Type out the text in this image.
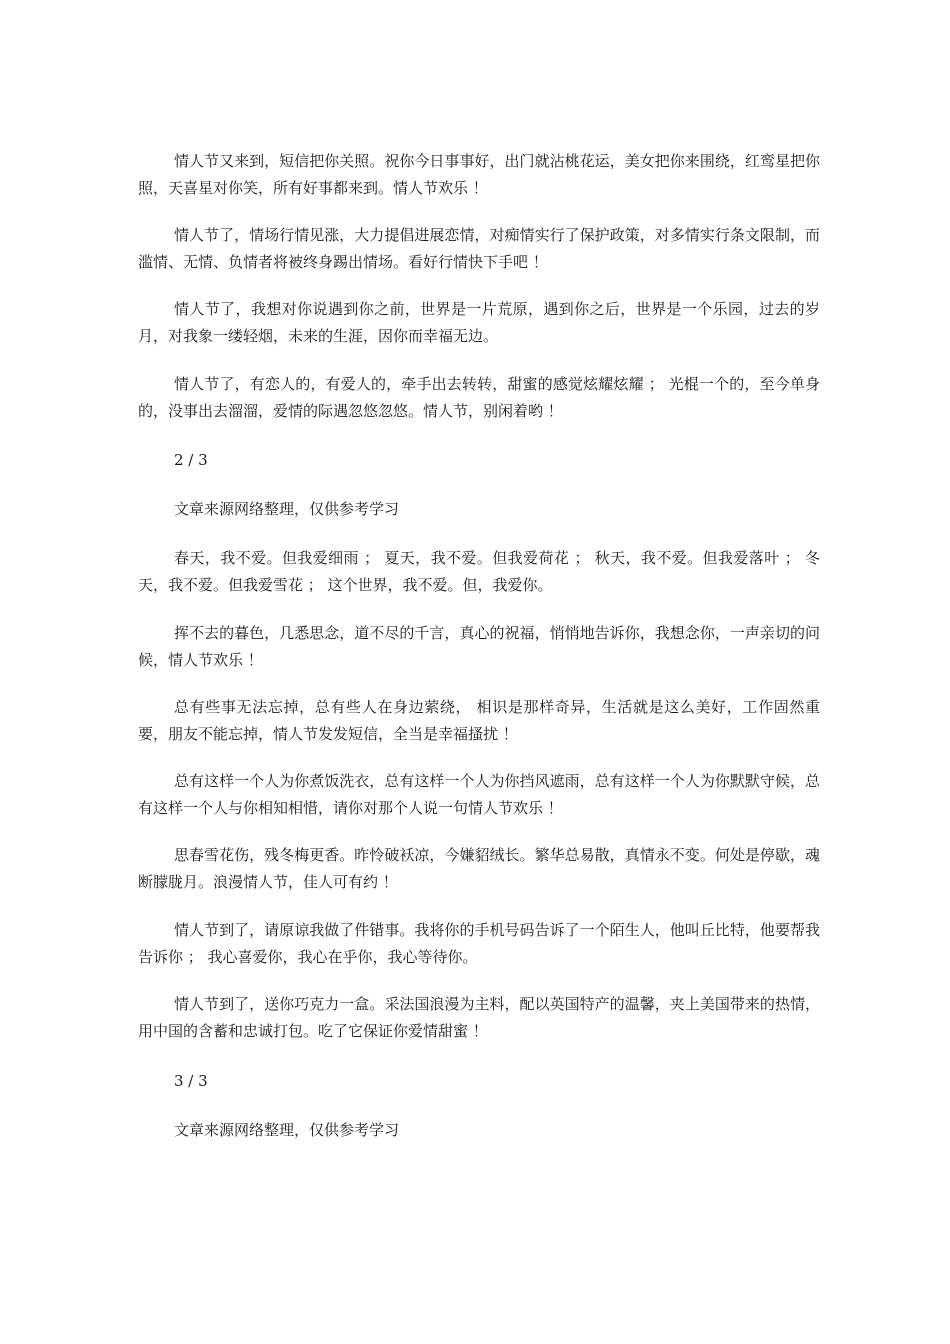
情人节又来到，短信把你关照。祝你今日事事好，出门就沾桃花运，美女把你来围绕，红鸾星把你照，天喜星对你笑，所有好事都来到。情人节欢乐 ！

情人节了，情场行情见涨，大力提倡进展恋情，对痴情实行了保护政策，对多情实行条文限制，而滥情、无情、负情者将被终身踢出情场。看好行情快下手吧 ！

情人节了，我想对你说遇到你之前，世界是一片荒原，遇到你之后，世界是一个乐园，过去的岁月，对我象一缕轻烟，未来的生涯，因你而幸福无边。

情人节了，有恋人的，有爱人的，牵手出去转转，甜蜜的感觉炫耀炫耀 ； 光棍一个的，至今单身的，没事出去溜溜，爱情的际遇忽悠忽悠。情人节，别闲着哟 ！

2 / 3

文章来源网络整理，仅供参考学习

春天，我不爱。但我爱细雨 ； 夏天，我不爱。但我爱荷花 ； 秋天，我不爱。但我爱落叶 ； 冬天，我不爱。但我爱雪花 ； 这个世界，我不爱。但，我爱你。

挥不去的暮色，几悉思念，道不尽的千言，真心的祝福，悄悄地告诉你，我想念你，一声亲切的问候，情人节欢乐 ！

总有些事无法忘掉，总有些人在身边萦绕， 相识是那样奇异，生活就是这么美好，工作固然重要，朋友不能忘掉，情人节发发短信，全当是幸福搔扰 ！

总有这样一个人为你煮饭洗衣，总有这样一个人为你挡风遮雨，总有这样一个人为你默默守候，总有这样一个人与你相知相惜，请你对那个人说一句情人节欢乐 ！

思春雪花伤，残冬梅更香。昨怜破袄凉，今嫌貂绒长。繁华总易散，真情永不变。何处是停歇，魂断朦胧月。浪漫情人节，佳人可有约 ！

情人节到了，请原谅我做了件错事。我将你的手机号码告诉了一个陌生人，他叫丘比特，他要帮我告诉你 ； 我心喜爱你，我心在乎你，我心等待你。

情人节到了，送你巧克力一盒。采法国浪漫为主料，配以英国特产的温馨，夹上美国带来的热情，用中国的含蓄和忠诚打包。吃了它保证你爱情甜蜜 ！

3 / 3

文章来源网络整理，仅供参考学习
